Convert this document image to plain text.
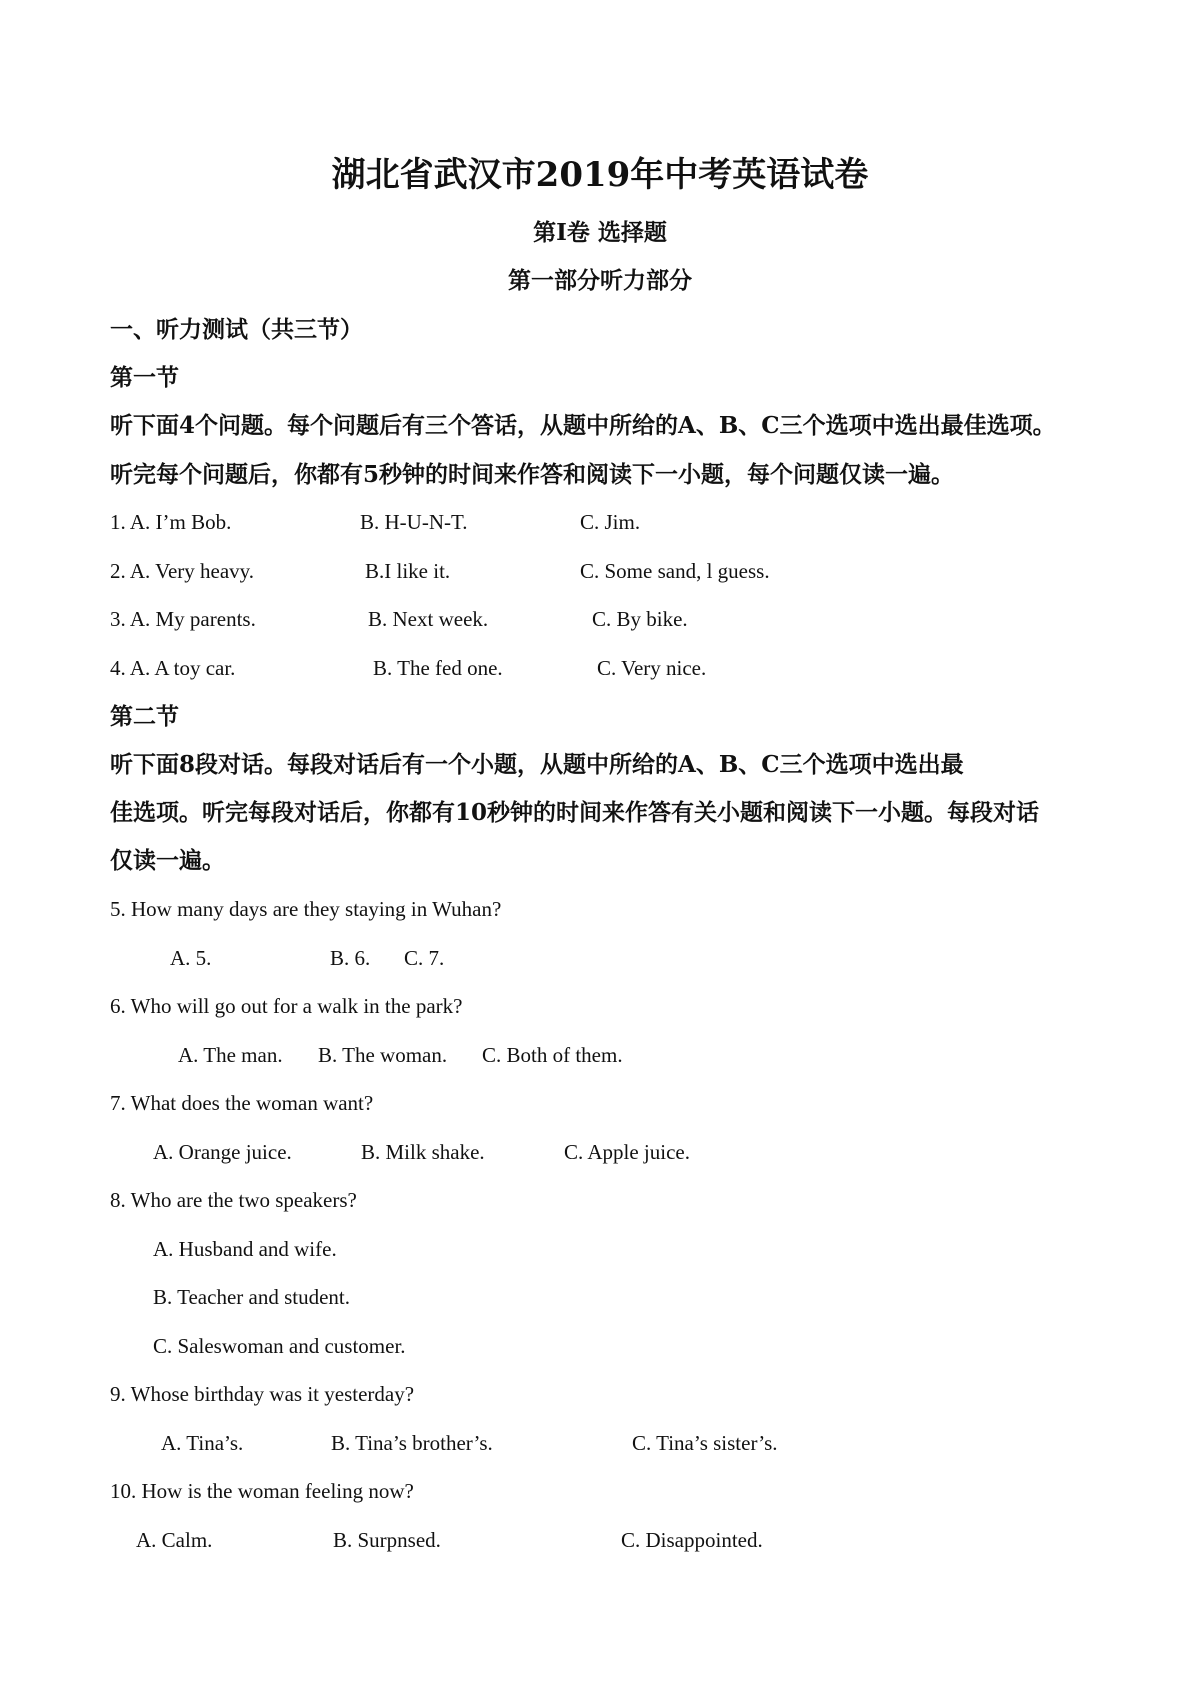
湖北省武汉市2019年中考英语试卷
第Ⅰ卷 选择题
第一部分听力部分
一、听力测试（共三节）
第一节
听下面4个问题。每个问题后有三个答话，从题中所给的A、B、C三个选项中选出最佳选项。
听完每个问题后，你都有5秒钟的时间来作答和阅读下一小题，每个问题仅读一遍。
1. A. I’m Bob.	B. H-U-N-T.	C. Jim.
2. A. Very heavy.	B.I like it.	C. Some sand, l guess.
3. A. My parents.	B. Next week.	C. By bike.
4. A. A toy car.	B. The fed one.	C. Very nice.
第二节
听下面8段对话。每段对话后有一个小题，从题中所给的A、B、C三个选项中选出最
佳选项。听完每段对话后，你都有10秒钟的时间来作答有关小题和阅读下一小题。每段对话
仅读一遍。
5. How many days are they staying in Wuhan?
A. 5.	B. 6. C. 7.
6. Who will go out for a walk in the park?
A. The man. B. The woman. C. Both of them.
7. What does the woman want?
A. Orange juice.	B. Milk shake.	C. Apple juice.
8. Who are the two speakers?
A. Husband and wife.
B. Teacher and student.
C. Saleswoman and customer.
9. Whose birthday was it yesterday?
A. Tina’s.	B. Tina’s brother’s.	C. Tina’s sister’s.
10. How is the woman feeling now?
A. Calm.	B. Surpnsed.	C. Disappointed.
